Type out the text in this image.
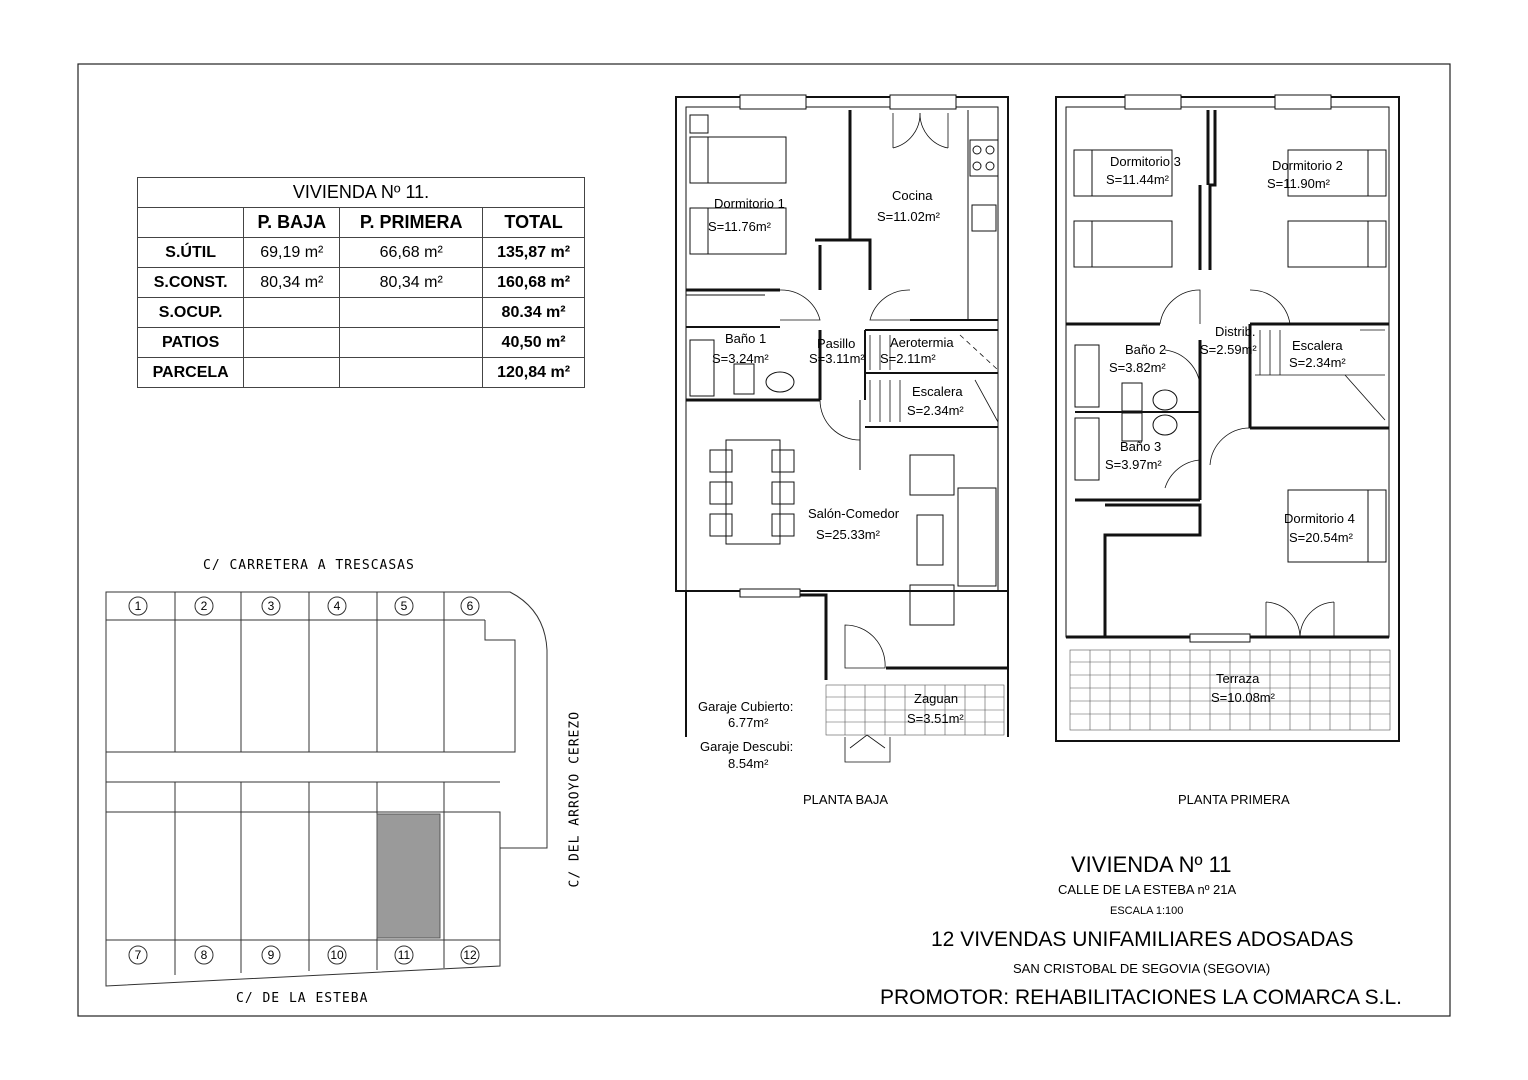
1	2	3	4	5	6
7	8	9	10	11	12
VIVIENDA Nº 11.			
	P. BAJA	P. PRIMERA	TOTAL
S.ÚTIL	69,19 m²	66,68 m²	135,87 m²
S.CONST.	80,34 m²	80,34 m²	160,68 m²
S.OCUP.			80.34 m²
PATIOS			40,50 m²
PARCELA			120,84 m²
C/ CARRETERA A TRESCASAS
C/ DE LA ESTEBA
C/ DEL ARROYO CEREZO
Dormitorio 1
S=11.76m²
Cocina
S=11.02m²
Baño 1
S=3.24m²
Pasillo
S=3.11m²
Aerotermia
S=2.11m²
Escalera
S=2.34m²
Salón-Comedor
S=25.33m²
Garaje Cubierto:
6.77m²
Garaje Descubi:
8.54m²
Zaguan
S=3.51m²
PLANTA BAJA
Dormitorio 3
S=11.44m²
Dormitorio 2
S=11.90m²
Baño 2
S=3.82m²
Distrib.
S=2.59m²	Escalera
S=2.34m²
Baño 3
S=3.97m²
Dormitorio 4
S=20.54m²
Terraza
S=10.08m²
PLANTA PRIMERA
VIVIENDA Nº 11
CALLE DE LA ESTEBA nº 21A
ESCALA 1:100
12 VIVENDAS UNIFAMILIARES ADOSADAS
SAN CRISTOBAL DE SEGOVIA (SEGOVIA)
PROMOTOR: REHABILITACIONES LA COMARCA S.L.
